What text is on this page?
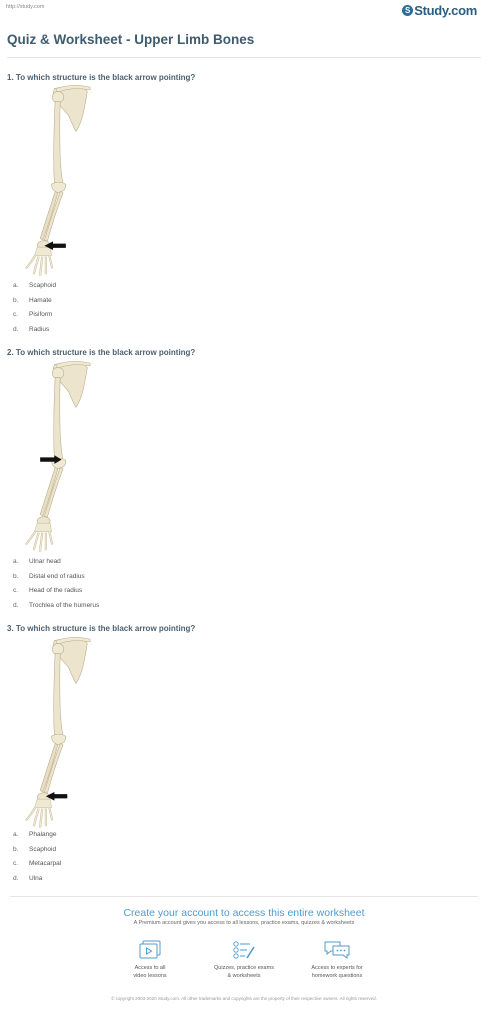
http://study.com	S Study.com
Quiz & Worksheet - Upper Limb Bones
1. To which structure is the black arrow pointing?
a.	Scaphoid
b.	Hamate
c.	Pisiform
d.	Radius
2. To which structure is the black arrow pointing?
a.	Ulnar head
b.	Distal end of radius
c.	Head of the radius
d.	Trochlea of the humerus
3. To which structure is the black arrow pointing?
a.	Phalange
b.	Scaphoid
c.	Metacarpal
d.	Ulna
Create your account to access this entire worksheet
A Premium account gives you access to all lessons, practice exams, quizzes & worksheets
Access to all
video lessons
Quizzes, practice exams
& worksheets
Access to experts for
homework questions
© copyright 2003-2020 Study.com. All other trademarks and copyrights are the property of their respective owners. All rights reserved.
